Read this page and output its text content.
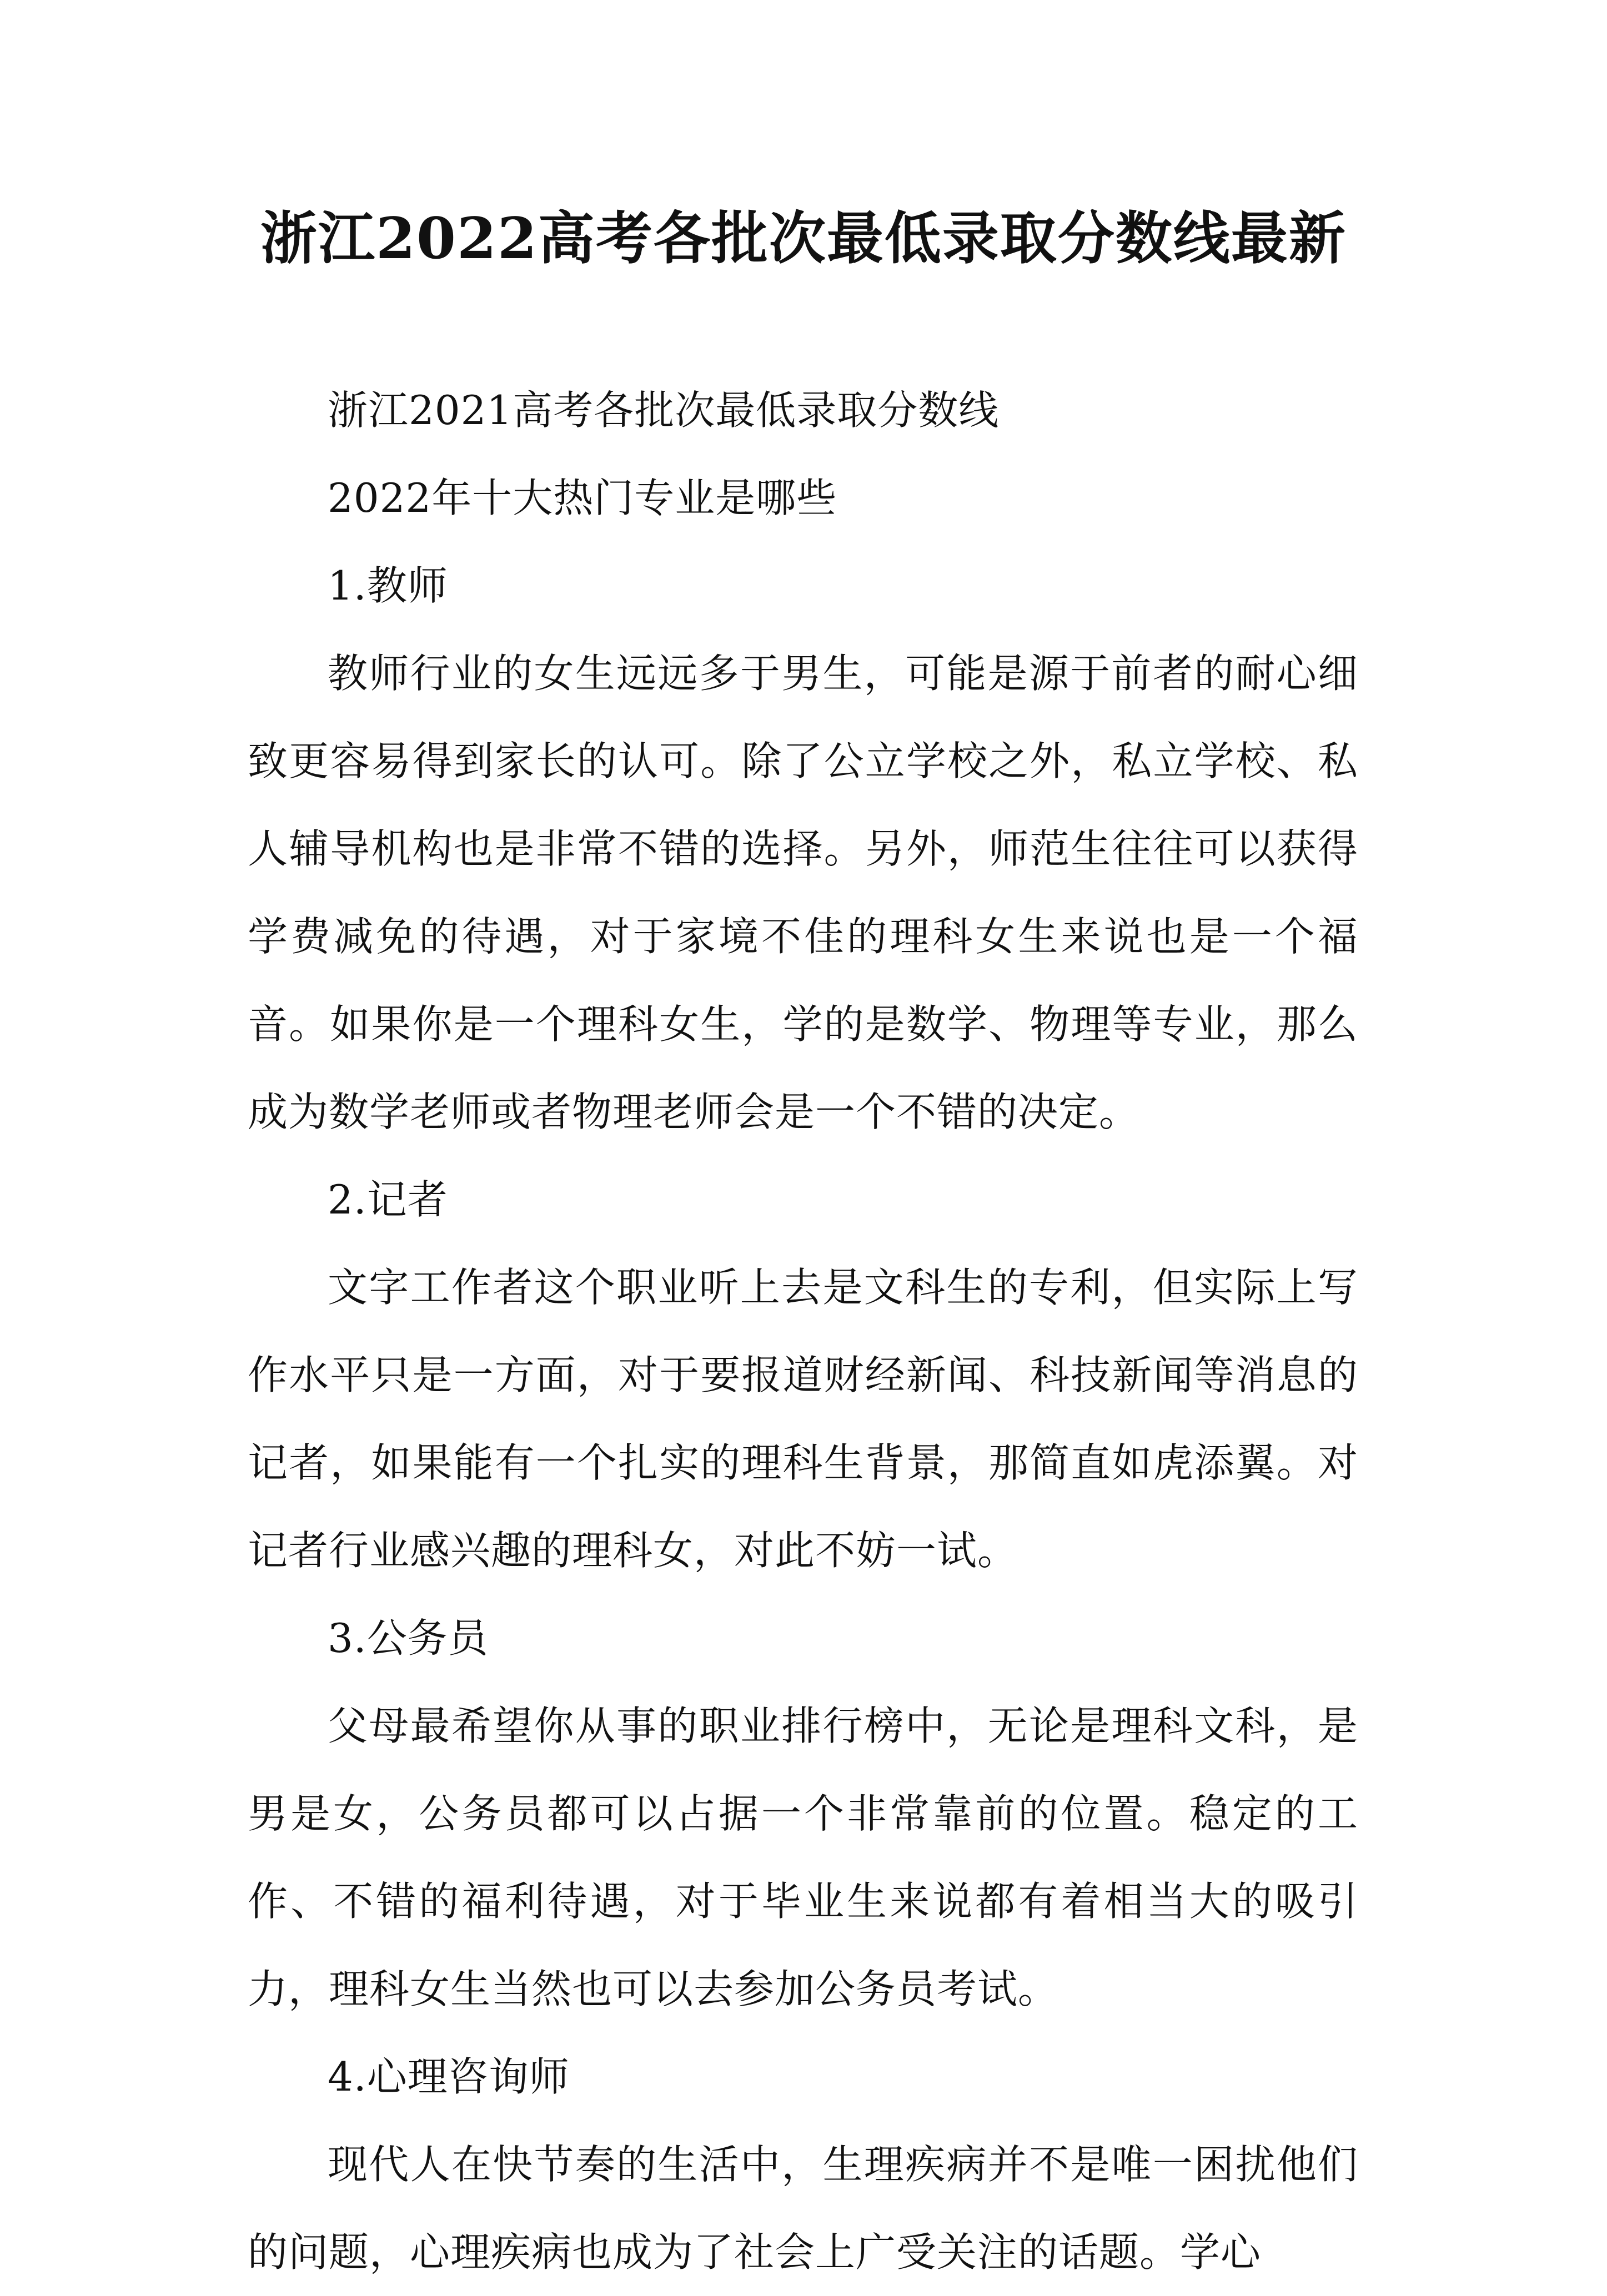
浙江2022高考各批次最低录取分数线最新

浙江2021高考各批次最低录取分数线

2022年十大热门专业是哪些

1.教师

教师行业的女生远远多于男生，可能是源于前者的耐心细致更容易得到家长的认可。除了公立学校之外，私立学校、私人辅导机构也是非常不错的选择。另外，师范生往往可以获得学费减免的待遇，对于家境不佳的理科女生来说也是一个福音。如果你是一个理科女生，学的是数学、物理等专业，那么成为数学老师或者物理老师会是一个不错的决定。

2.记者

文字工作者这个职业听上去是文科生的专利，但实际上写作水平只是一方面，对于要报道财经新闻、科技新闻等消息的记者，如果能有一个扎实的理科生背景，那简直如虎添翼。对记者行业感兴趣的理科女，对此不妨一试。

3.公务员

父母最希望你从事的职业排行榜中，无论是理科文科，是男是女，公务员都可以占据一个非常靠前的位置。稳定的工作、不错的福利待遇，对于毕业生来说都有着相当大的吸引力，理科女生当然也可以去参加公务员考试。

4.心理咨询师

现代人在快节奏的生活中，生理疾病并不是唯一困扰他们的问题，心理疾病也成为了社会上广受关注的话题。学心
